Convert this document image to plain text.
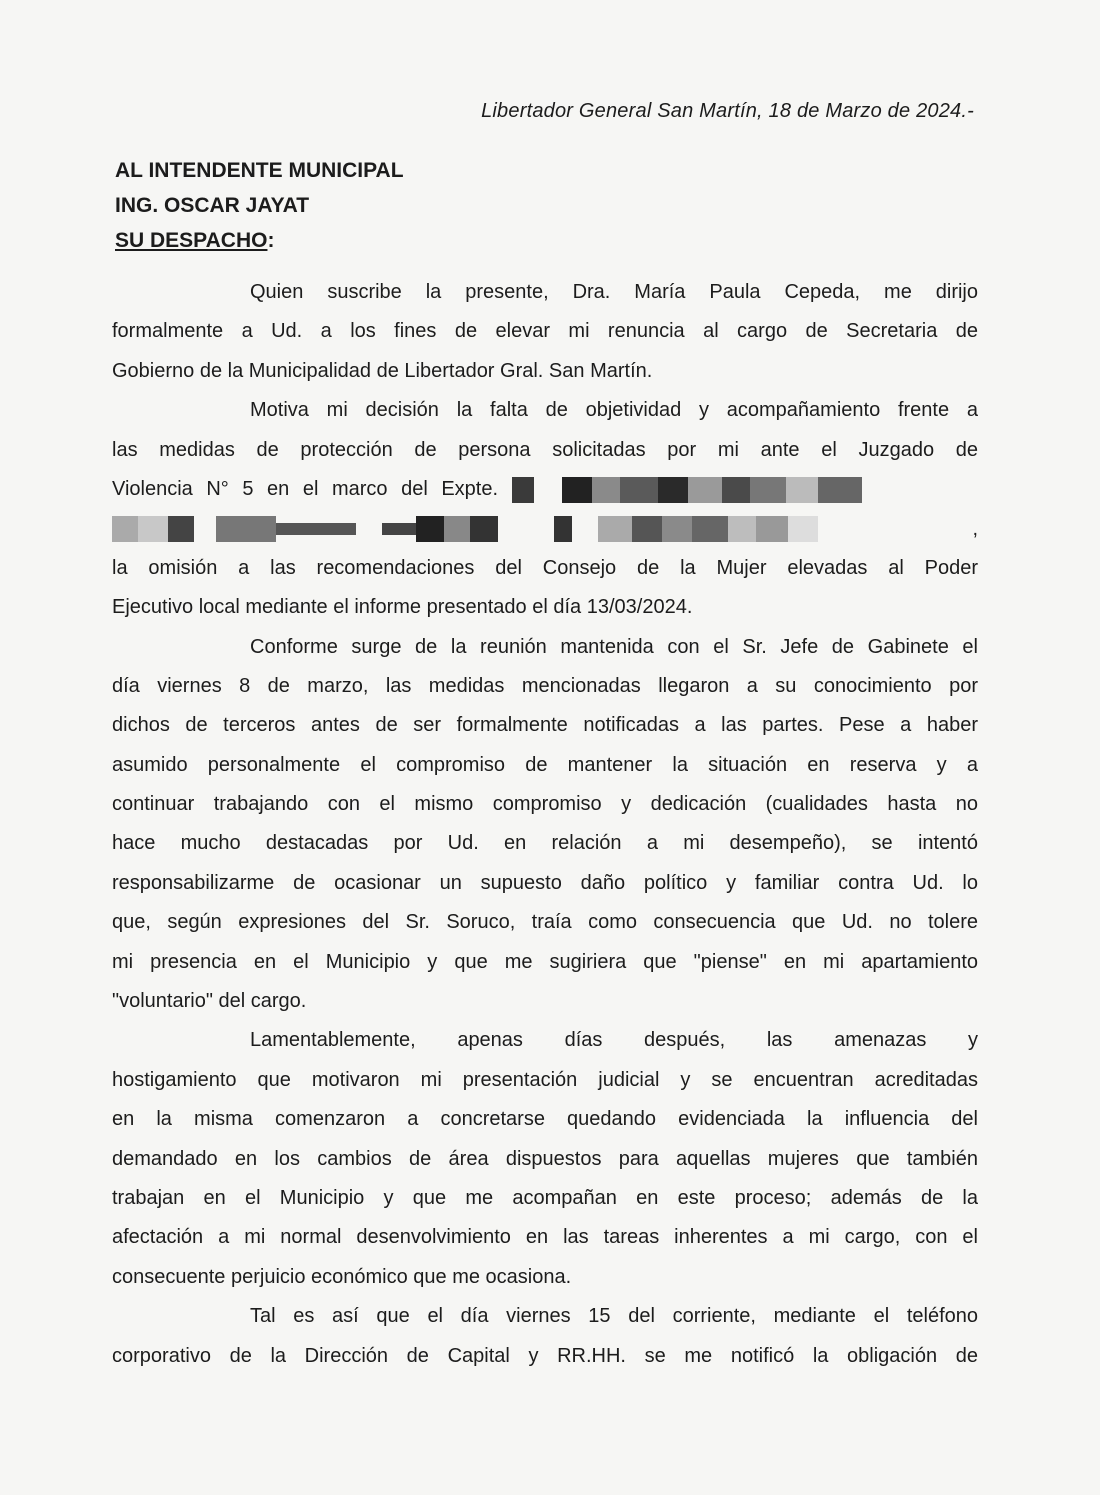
Libertador General San Martín, 18 de Marzo de 2024.-
AL INTENDENTE MUNICIPAL
ING. OSCAR JAYAT
SU DESPACHO:
Quien suscribe la presente, Dra. María Paula Cepeda, me dirijo
formalmente a Ud. a los fines de elevar mi renuncia al cargo de Secretaria de
Gobierno de la Municipalidad de Libertador Gral. San Martín.
Motiva mi decisión la falta de objetividad y acompañamiento frente a
las medidas de protección de persona solicitadas por mi ante el Juzgado de
Violencia N° 5 en el marco del Expte.
,
la omisión a las recomendaciones del Consejo de la Mujer elevadas al Poder
Ejecutivo local mediante el informe presentado el día 13/03/2024.
Conforme surge de la reunión mantenida con el Sr. Jefe de Gabinete el
día viernes 8 de marzo, las medidas mencionadas llegaron a su conocimiento por
dichos de terceros antes de ser formalmente notificadas a las partes. Pese a haber
asumido personalmente el compromiso de mantener la situación en reserva y a
continuar trabajando con el mismo compromiso y dedicación (cualidades hasta no
hace mucho destacadas por Ud. en relación a mi desempeño), se intentó
responsabilizarme de ocasionar un supuesto daño político y familiar contra Ud. lo
que, según expresiones del Sr. Soruco, traía como consecuencia que Ud. no tolere
mi presencia en el Municipio y que me sugiriera que "piense" en mi apartamiento
"voluntario" del cargo.
Lamentablemente, apenas días después, las amenazas y
hostigamiento que motivaron mi presentación judicial y se encuentran acreditadas
en la misma comenzaron a concretarse quedando evidenciada la influencia del
demandado en los cambios de área dispuestos para aquellas mujeres que también
trabajan en el Municipio y que me acompañan en este proceso; además de la
afectación a mi normal desenvolvimiento en las tareas inherentes a mi cargo, con el
consecuente perjuicio económico que me ocasiona.
Tal es así que el día viernes 15 del corriente, mediante el teléfono
corporativo de la Dirección de Capital y RR.HH. se me notificó la obligación de
